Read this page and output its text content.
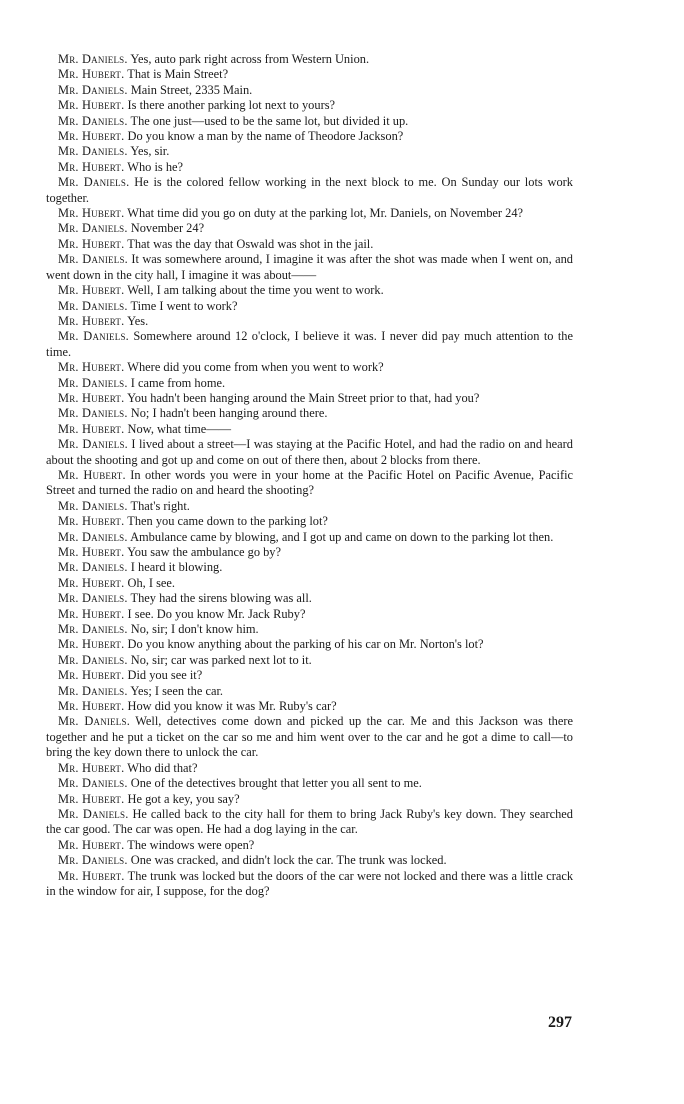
Mr. Daniels. Yes, auto park right across from Western Union.

Mr. Hubert. That is Main Street?

Mr. Daniels. Main Street, 2335 Main.

Mr. Hubert. Is there another parking lot next to yours?

Mr. Daniels. The one just—used to be the same lot, but divided it up.

Mr. Hubert. Do you know a man by the name of Theodore Jackson?

Mr. Daniels. Yes, sir.

Mr. Hubert. Who is he?

Mr. Daniels. He is the colored fellow working in the next block to me. On Sunday our lots work together.

Mr. Hubert. What time did you go on duty at the parking lot, Mr. Daniels, on November 24?

Mr. Daniels. November 24?

Mr. Hubert. That was the day that Oswald was shot in the jail.

Mr. Daniels. It was somewhere around, I imagine it was after the shot was made when I went on, and went down in the city hall, I imagine it was about——

Mr. Hubert. Well, I am talking about the time you went to work.

Mr. Daniels. Time I went to work?

Mr. Hubert. Yes.

Mr. Daniels. Somewhere around 12 o'clock, I believe it was. I never did pay much attention to the time.

Mr. Hubert. Where did you come from when you went to work?

Mr. Daniels. I came from home.

Mr. Hubert. You hadn't been hanging around the Main Street prior to that, had you?

Mr. Daniels. No; I hadn't been hanging around there.

Mr. Hubert. Now, what time——

Mr. Daniels. I lived about a street—I was staying at the Pacific Hotel, and had the radio on and heard about the shooting and got up and come on out of there then, about 2 blocks from there.

Mr. Hubert. In other words you were in your home at the Pacific Hotel on Pacific Avenue, Pacific Street and turned the radio on and heard the shooting?

Mr. Daniels. That's right.

Mr. Hubert. Then you came down to the parking lot?

Mr. Daniels. Ambulance came by blowing, and I got up and came on down to the parking lot then.

Mr. Hubert. You saw the ambulance go by?

Mr. Daniels. I heard it blowing.

Mr. Hubert. Oh, I see.

Mr. Daniels. They had the sirens blowing was all.

Mr. Hubert. I see. Do you know Mr. Jack Ruby?

Mr. Daniels. No, sir; I don't know him.

Mr. Hubert. Do you know anything about the parking of his car on Mr. Norton's lot?

Mr. Daniels. No, sir; car was parked next lot to it.

Mr. Hubert. Did you see it?

Mr. Daniels. Yes; I seen the car.

Mr. Hubert. How did you know it was Mr. Ruby's car?

Mr. Daniels. Well, detectives come down and picked up the car. Me and this Jackson was there together and he put a ticket on the car so me and him went over to the car and he got a dime to call—to bring the key down there to unlock the car.

Mr. Hubert. Who did that?

Mr. Daniels. One of the detectives brought that letter you all sent to me.

Mr. Hubert. He got a key, you say?

Mr. Daniels. He called back to the city hall for them to bring Jack Ruby's key down. They searched the car good. The car was open. He had a dog laying in the car.

Mr. Hubert. The windows were open?

Mr. Daniels. One was cracked, and didn't lock the car. The trunk was locked.

Mr. Hubert. The trunk was locked but the doors of the car were not locked and there was a little crack in the window for air, I suppose, for the dog?

297
